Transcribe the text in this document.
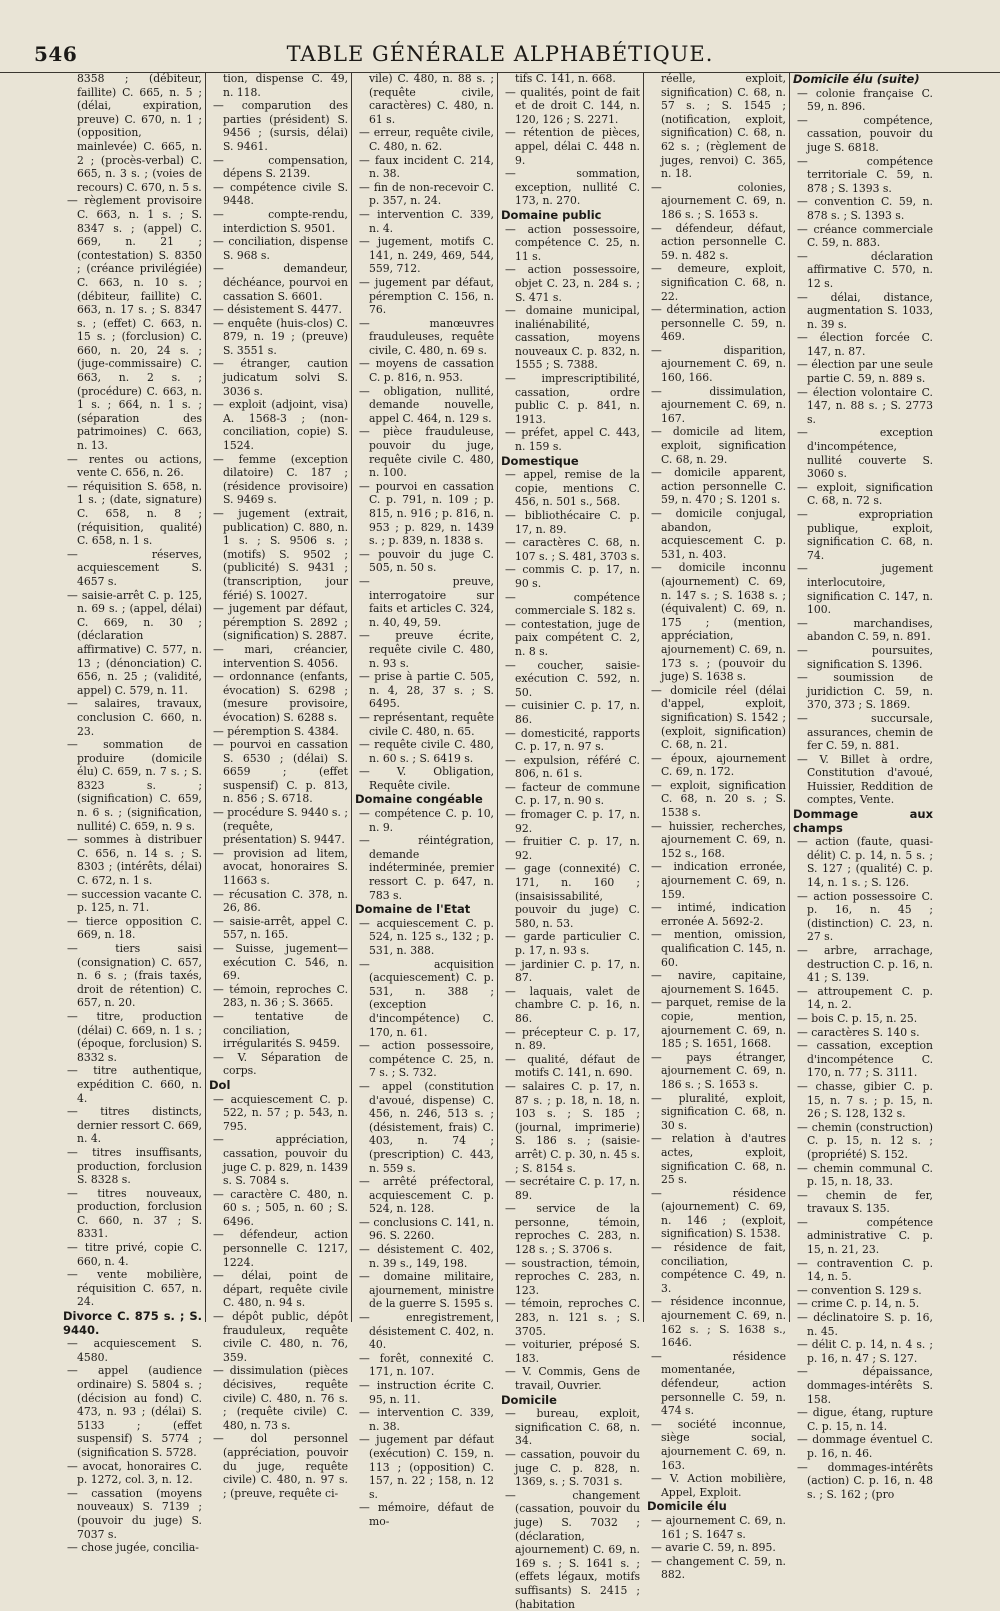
546	TABLE GÉNÉRALE ALPHABÉTIQUE.

8358 ; (débiteur, faillite) C. 665, n. 5 ; (délai, expiration, preuve) C. 670, n. 1 ; (opposition, mainlevée) C. 665, n. 2 ; (procès-verbal) C. 665, n. 3 s. ; (voies de recours) C. 670, n. 5 s.

— règlement provisoire C. 663, n. 1 s. ; S. 8347 s. ; (appel) C. 669, n. 21 ; (contestation) S. 8350 ; (créance privilégiée) C. 663, n. 10 s. ; (débiteur, faillite) C. 663, n. 17 s. ; S. 8347 s. ; (effet) C. 663, n. 15 s. ; (forclusion) C. 660, n. 20, 24 s. ; (juge-commissaire) C. 663, n. 2 s. ; (procédure) C. 663, n. 1 s. ; 664, n. 1 s. ; (séparation des patrimoines) C. 663, n. 13.

— rentes ou actions, vente C. 656, n. 26.

— réquisition S. 658, n. 1 s. ; (date, signature) C. 658, n. 8 ; (réquisition, qualité) C. 658, n. 1 s.

— réserves, acquiescement S. 4657 s.

— saisie-arrêt C. p. 125, n. 69 s. ; (appel, délai) C. 669, n. 30 ; (déclaration affirmative) C. 577, n. 13 ; (dénonciation) C. 656, n. 25 ; (validité, appel) C. 579, n. 11.

— salaires, travaux, conclusion C. 660, n. 23.

— sommation de produire (domicile élu) C. 659, n. 7 s. ; S. 8323 s. ; (signification) C. 659, n. 6 s. ; (signification, nullité) C. 659, n. 9 s.

— sommes à distribuer C. 656, n. 14 s. ; S. 8303 ; (intérêts, délai) C. 672, n. 1 s.

— succession vacante C. p. 125, n. 71.

— tierce opposition C. 669, n. 18.

— tiers saisi (consignation) C. 657, n. 6 s. ; (frais taxés, droit de rétention) C. 657, n. 20.

— titre, production (délai) C. 669, n. 1 s. ; (époque, forclusion) S. 8332 s.

— titre authentique, expédition C. 660, n. 4.

— titres distincts, dernier ressort C. 669, n. 4.

— titres insuffisants, production, forclusion S. 8328 s.

— titres nouveaux, production, forclusion C. 660, n. 37 ; S. 8331.

— titre privé, copie C. 660, n. 4.

— vente mobilière, réquisition C. 657, n. 24.

Divorce C. 875 s. ; S. 9440.

— acquiescement S. 4580.

— appel (audience ordinaire) S. 5804 s. ; (décision au fond) C. 473, n. 93 ; (délai) S. 5133 ; (effet suspensif) S. 5774 ; (signification S. 5728.

— avocat, honoraires C. p. 1272, col. 3, n. 12.

— cassation (moyens nouveaux) S. 7139 ; (pouvoir du juge) S. 7037 s.

— chose jugée, concilia-

tion, dispense C. 49, n. 118.

— comparution des parties (président) S. 9456 ; (sursis, délai) S. 9461.

— compensation, dépens S. 2139.

— compétence civile S. 9448.

— compte-rendu, interdiction S. 9501.

— conciliation, dispense S. 968 s.

— demandeur, déchéance, pourvoi en cassation S. 6601.

— désistement S. 4477.

— enquête (huis-clos) C. 879, n. 19 ; (preuve) S. 3551 s.

— étranger, caution judicatum solvi S. 3036 s.

— exploit (adjoint, visa) A. 1568-3 ; (non-conciliation, copie) S. 1524.

— femme (exception dilatoire) C. 187 ; (résidence provisoire) S. 9469 s.

— jugement (extrait, publication) C. 880, n. 1 s. ; S. 9506 s. ; (motifs) S. 9502 ; (publicité) S. 9431 ; (transcription, jour férié) S. 10027.

— jugement par défaut, péremption S. 2892 ; (signification) S. 2887.

— mari, créancier, intervention S. 4056.

— ordonnance (enfants, évocation) S. 6298 ; (mesure provisoire, évocation) S. 6288 s.

— péremption S. 4384.

— pourvoi en cassation S. 6530 ; (délai) S. 6659 ; (effet suspensif) C. p. 813, n. 856 ; S. 6718.

— procédure S. 9440 s. ; (requête, présentation) S. 9447.

— provision ad litem, avocat, honoraires S. 11663 s.

— récusation C. 378, n. 26, 86.

— saisie-arrêt, appel C. 557, n. 165.

— Suisse, jugement—exécution C. 546, n. 69.

— témoin, reproches C. 283, n. 36 ; S. 3665.

— tentative de conciliation, irrégularités S. 9459.

— V. Séparation de corps.

Dol

— acquiescement C. p. 522, n. 57 ; p. 543, n. 795.

— appréciation, cassation, pouvoir du juge C. p. 829, n. 1439 s. S. 7084 s.

— caractère C. 480, n. 60 s. ; 505, n. 60 ; S. 6496.

— défendeur, action personnelle C. 1217, 1224.

— délai, point de départ, requête civile C. 480, n. 94 s.

— dépôt public, dépôt frauduleux, requête civile C. 480, n. 76, 359.

— dissimulation (pièces décisives, requête civile) C. 480, n. 76 s. ; (requête civile) C. 480, n. 73 s.

— dol personnel (appréciation, pouvoir du juge, requête civile) C. 480, n. 97 s. ; (preuve, requête ci-

vile) C. 480, n. 88 s. ; (requête civile, caractères) C. 480, n. 61 s.

— erreur, requête civile, C. 480, n. 62.

— faux incident C. 214, n. 38.

— fin de non-recevoir C. p. 357, n. 24.

— intervention C. 339, n. 4.

— jugement, motifs C. 141, n. 249, 469, 544, 559, 712.

— jugement par défaut, péremption C. 156, n. 76.

— manœuvres frauduleuses, requête civile, C. 480, n. 69 s.

— moyens de cassation C. p. 816, n. 953.

— obligation, nullité, demande nouvelle, appel C. 464, n. 129 s.

— pièce frauduleuse, pouvoir du juge, requête civile C. 480, n. 100.

— pourvoi en cassation C. p. 791, n. 109 ; p. 815, n. 916 ; p. 816, n. 953 ; p. 829, n. 1439 s. ; p. 839, n. 1838 s.

— pouvoir du juge C. 505, n. 50 s.

— preuve, interrogatoire sur faits et articles C. 324, n. 40, 49, 59.

— preuve écrite, requête civile C. 480, n. 93 s.

— prise à partie C. 505, n. 4, 28, 37 s. ; S. 6495.

— représentant, requête civile C. 480, n. 65.

— requête civile C. 480, n. 60 s. ; S. 6419 s.

— V. Obligation, Requête civile.

Domaine congéable

— compétence C. p. 10, n. 9.

— réintégration, demande indéterminée, premier ressort C. p. 647, n. 783 s.

Domaine de l'Etat

— acquiescement C. p. 524, n. 125 s., 132 ; p. 531, n. 388.

— acquisition (acquiescement) C. p. 531, n. 388 ; (exception d'incompétence) C. 170, n. 61.

— action possessoire, compétence C. 25, n. 7 s. ; S. 732.

— appel (constitution d'avoué, dispense) C. 456, n. 246, 513 s. ; (désistement, frais) C. 403, n. 74 ; (prescription) C. 443, n. 559 s.

— arrêté préfectoral, acquiescement C. p. 524, n. 128.

— conclusions C. 141, n. 96. S. 2260.

— désistement C. 402, n. 39 s., 149, 198.

— domaine militaire, ajournement, ministre de la guerre S. 1595 s.

— enregistrement, désistement C. 402, n. 40.

— forêt, connexité C. 171, n. 107.

— instruction écrite C. 95, n. 11.

— intervention C. 339, n. 38.

— jugement par défaut (exécution) C. 159, n. 113 ; (opposition) C. 157, n. 22 ; 158, n. 12 s.

— mémoire, défaut de mo-

tifs C. 141, n. 668.

— qualités, point de fait et de droit C. 144, n. 120, 126 ; S. 2271.

— rétention de pièces, appel, délai C. 448 n. 9.

— sommation, exception, nullité C. 173, n. 270.

Domaine public

— action possessoire, compétence C. 25, n. 11 s.

— action possessoire, objet C. 23, n. 284 s. ; S. 471 s.

— domaine municipal, inaliénabilité, cassation, moyens nouveaux C. p. 832, n. 1555 ; S. 7388.

— imprescriptibilité, cassation, ordre public C. p. 841, n. 1913.

— préfet, appel C. 443, n. 159 s.

Domestique

— appel, remise de la copie, mentions C. 456, n. 501 s., 568.

— bibliothécaire C. p. 17, n. 89.

— caractères C. 68, n. 107 s. ; S. 481, 3703 s.

— commis C. p. 17, n. 90 s.

— compétence commerciale S. 182 s.

— contestation, juge de paix compétent C. 2, n. 8 s.

— coucher, saisie-exécution C. 592, n. 50.

— cuisinier C. p. 17, n. 86.

— domesticité, rapports C. p. 17, n. 97 s.

— expulsion, référé C. 806, n. 61 s.

— facteur de commune C. p. 17, n. 90 s.

— fromager C. p. 17, n. 92.

— fruitier C. p. 17, n. 92.

— gage (connexité) C. 171, n. 160 ; (insaisissabilité, pouvoir du juge) C. 580, n. 53.

— garde particulier C. p. 17, n. 93 s.

— jardinier C. p. 17, n. 87.

— laquais, valet de chambre C. p. 16, n. 86.

— précepteur C. p. 17, n. 89.

— qualité, défaut de motifs C. 141, n. 690.

— salaires C. p. 17, n. 87 s. ; p. 18, n. 18, n. 103 s. ; S. 185 ; (journal, imprimerie) S. 186 s. ; (saisie-arrêt) C. p. 30, n. 45 s. ; S. 8154 s.

— secrétaire C. p. 17, n. 89.

— service de la personne, témoin, reproches C. 283, n. 128 s. ; S. 3706 s.

— soustraction, témoin, reproches C. 283, n. 123.

— témoin, reproches C. 283, n. 121 s. ; S. 3705.

— voiturier, préposé S. 183.

— V. Commis, Gens de travail, Ouvrier.

Domicile

— bureau, exploit, signification C. 68, n. 34.

— cassation, pouvoir du juge C. p. 828, n. 1369, s. ; S. 7031 s.

— changement (cassation, pouvoir du juge) S. 7032 ; (déclaration, ajournement) C. 69, n. 169 s. ; S. 1641 s. ; (effets légaux, motifs suffisants) S. 2415 ; (habitation

réelle, exploit, signification) C. 68, n. 57 s. ; S. 1545 ; (notification, exploit, signification) C. 68, n. 62 s. ; (règlement de juges, renvoi) C. 365, n. 18.

— colonies, ajournement C. 69, n. 186 s. ; S. 1653 s.

— défendeur, défaut, action personnelle C. 59. n. 482 s.

— demeure, exploit, signification C. 68, n. 22.

— détermination, action personnelle C. 59, n. 469.

— disparition, ajournement C. 69, n. 160, 166.

— dissimulation, ajournement C. 69, n. 167.

— domicile ad litem, exploit, signification C. 68, n. 29.

— domicile apparent, action personnelle C. 59, n. 470 ; S. 1201 s.

— domicile conjugal, abandon, acquiescement C. p. 531, n. 403.

— domicile inconnu (ajournement) C. 69, n. 147 s. ; S. 1638 s. ; (équivalent) C. 69, n. 175 ; (mention, appréciation, ajournement) C. 69, n. 173 s. ; (pouvoir du juge) S. 1638 s.

— domicile réel (délai d'appel, exploit, signification) S. 1542 ; (exploit, signification) C. 68, n. 21.

— époux, ajournement C. 69, n. 172.

— exploit, signification C. 68, n. 20 s. ; S. 1538 s.

— huissier, recherches, ajournement C. 69, n. 152 s., 168.

— indication erronée, ajournement C. 69, n. 159.

— intimé, indication erronée A. 5692-2.

— mention, omission, qualification C. 145, n. 60.

— navire, capitaine, ajournement S. 1645.

— parquet, remise de la copie, mention, ajournement C. 69, n. 185 ; S. 1651, 1668.

— pays étranger, ajournement C. 69, n. 186 s. ; S. 1653 s.

— pluralité, exploit, signification C. 68, n. 30 s.

— relation à d'autres actes, exploit, signification C. 68, n. 25 s.

— résidence (ajournement) C. 69, n. 146 ; (exploit, signification) S. 1538.

— résidence de fait, conciliation, compétence C. 49, n. 3.

— résidence inconnue, ajournement C. 69, n. 162 s. ; S. 1638 s., 1646.

— résidence momentanée, défendeur, action personnelle C. 59, n. 474 s.

— société inconnue, siège social, ajournement C. 69, n. 163.

— V. Action mobilière, Appel, Exploit.

Domicile élu

— ajournement C. 69, n. 161 ; S. 1647 s.

— avarie C. 59, n. 895.

— changement C. 59, n. 882.

Domicile élu (suite)

— colonie française C. 59, n. 896.

— compétence, cassation, pouvoir du juge S. 6818.

— compétence territoriale C. 59, n. 878 ; S. 1393 s.

— convention C. 59, n. 878 s. ; S. 1393 s.

— créance commerciale C. 59, n. 883.

— déclaration affirmative C. 570, n. 12 s.

— délai, distance, augmentation S. 1033, n. 39 s.

— élection forcée C. 147, n. 87.

— élection par une seule partie C. 59, n. 889 s.

— élection volontaire C. 147, n. 88 s. ; S. 2773 s.

— exception d'incompétence, nullité couverte S. 3060 s.

— exploit, signification C. 68, n. 72 s.

— expropriation publique, exploit, signification C. 68, n. 74.

— jugement interlocutoire, signification C. 147, n. 100.

— marchandises, abandon C. 59, n. 891.

— poursuites, signification S. 1396.

— soumission de juridiction C. 59, n. 370, 373 ; S. 1869.

— succursale, assurances, chemin de fer C. 59, n. 881.

— V. Billet à ordre, Constitution d'avoué, Huissier, Reddition de comptes, Vente.

Dommage aux champs

— action (faute, quasi-délit) C. p. 14, n. 5 s. ; S. 127 ; (qualité) C. p. 14, n. 1 s. ; S. 126.

— action possessoire C. p. 16, n. 45 ; (distinction) C. 23, n. 27 s.

— arbre, arrachage, destruction C. p. 16, n. 41 ; S. 139.

— attroupement C. p. 14, n. 2.

— bois C. p. 15, n. 25.

— caractères S. 140 s.

— cassation, exception d'incompétence C. 170, n. 77 ; S. 3111.

— chasse, gibier C. p. 15, n. 7 s. ; p. 15, n. 26 ; S. 128, 132 s.

— chemin (construction) C. p. 15, n. 12 s. ; (propriété) S. 152.

— chemin communal C. p. 15, n. 18, 33.

— chemin de fer, travaux S. 135.

— compétence administrative C. p. 15, n. 21, 23.

— contravention C. p. 14, n. 5.

— convention S. 129 s.

— crime C. p. 14, n. 5.

— déclinatoire S. p. 16, n. 45.

— délit C. p. 14, n. 4 s. ; p. 16, n. 47 ; S. 127.

— dépaissance, dommages-intérêts S. 158.

— digue, étang, rupture C. p. 15, n. 14.

— dommage éventuel C. p. 16, n. 46.

— dommages-intérêts (action) C. p. 16, n. 48 s. ; S. 162 ; (pro
